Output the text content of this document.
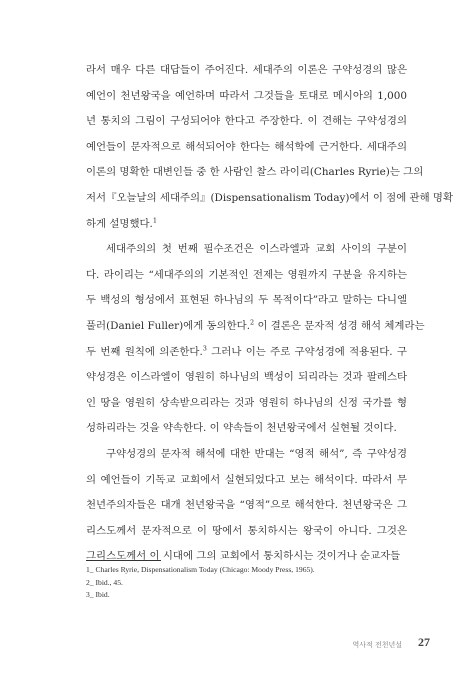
라서 매우 다른 대답들이 주어진다. 세대주의 이론은 구약성경의 많은
예언이 천년왕국을 예언하며 따라서 그것들을 토대로 메시아의 1,000
년 통치의 그림이 구성되어야 한다고 주장한다. 이 견해는 구약성경의
예언들이 문자적으로 해석되어야 한다는 해석학에 근거한다. 세대주의
이론의 명확한 대변인들 중 한 사람인 찰스 라이리(Charles Ryrie)는 그의
저서『오늘날의 세대주의』(Dispensationalism Today)에서 이 점에 관해 명확
하게 설명했다.$^1$
세대주의의 첫 번째 필수조건은 이스라엘과 교회 사이의 구분이
다. 라이리는 “세대주의의 기본적인 전제는 영원까지 구분을 유지하는
두 백성의 형성에서 표현된 하나님의 두 목적이다”라고 말하는 다니엘
풀러(Daniel Fuller)에게 동의한다.$^2$ 이 결론은 문자적 성경 해석 체계라는
두 번째 원칙에 의존한다.$^3$ 그러나 이는 주로 구약성경에 적용된다. 구
약성경은 이스라엘이 영원히 하나님의 백성이 되리라는 것과 팔레스타
인 땅을 영원히 상속받으리라는 것과 영원히 하나님의 신정 국가를 형
성하리라는 것을 약속한다. 이 약속들이 천년왕국에서 실현될 것이다.
구약성경의 문자적 해석에 대한 반대는 “영적 해석”, 즉 구약성경
의 예언들이 기독교 교회에서 실현되었다고 보는 해석이다. 따라서 무
천년주의자들은 대개 천년왕국을 “영적”으로 해석한다. 천년왕국은 그
리스도께서 문자적으로 이 땅에서 통치하시는 왕국이 아니다. 그것은
그리스도께서 이 시대에 그의 교회에서 통치하시는 것이거나 순교자들
1_ Charles Ryrie, Dispensationalism Today (Chicago: Moody Press, 1965).
2_ Ibid., 45.
3_ Ibid.
역사적 전천년설 27
